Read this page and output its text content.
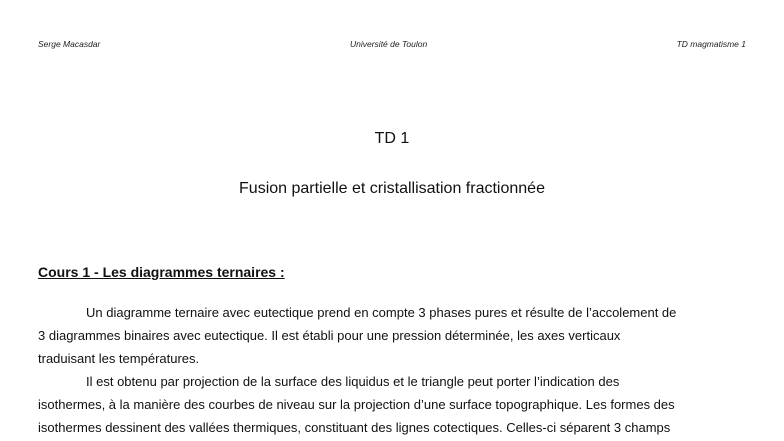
Serge Macasdar	Université de Toulon	TD magmatisme 1
TD 1
Fusion partielle et cristallisation fractionnée
Cours 1 - Les diagrammes ternaires :
Un diagramme ternaire avec eutectique prend en compte 3 phases pures et résulte de l’accolement de
3 diagrammes binaires avec eutectique. Il est établi pour une pression déterminée, les axes verticaux
traduisant les températures.
Il est obtenu par projection de la surface des liquidus et le triangle peut porter l’indication des
isothermes, à la manière des courbes de niveau sur la projection d’une surface topographique. Les formes des
isothermes dessinent des vallées thermiques, constituant des lignes cotectiques. Celles-ci séparent 3 champs
